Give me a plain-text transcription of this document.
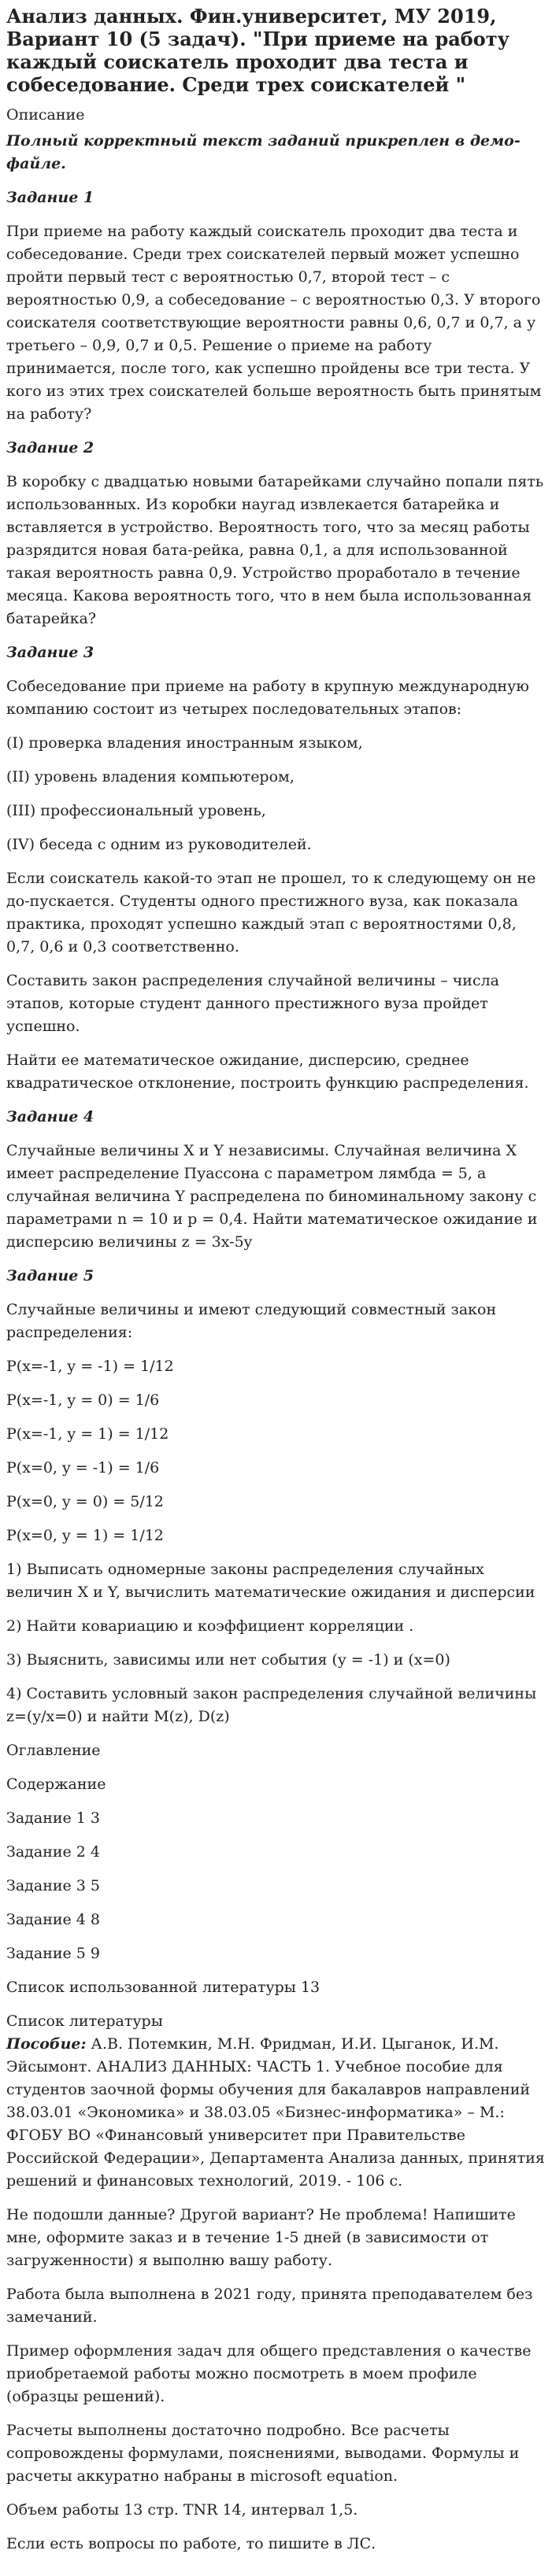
Анализ данных. Фин.университет, МУ 2019, Вариант 10 (5 задач). "При приеме на работу каждый соискатель проходит два теста и собеседование. Среди трех соискателей "
Описание
Полный корректный текст заданий прикреплен в демо-файле.
Задание 1

При приеме на работу каждый соискатель проходит два теста и собеседование. Среди трех соискателей первый может успешно пройти первый тест с вероятностью 0,7, второй тест – с вероятностью 0,9, а собеседование – с вероятностью 0,3. У второго соискателя соответствующие вероятности равны 0,6, 0,7 и 0,7, а у третьего – 0,9, 0,7 и 0,5. Решение о приеме на работу принимается, после того, как успешно пройдены все три теста. У кого из этих трех соискателей больше вероятность быть принятым на работу?

Задание 2

В коробку с двадцатью новыми батарейками случайно попали пять использованных. Из коробки наугад извлекается батарейка и вставляется в устройство. Вероятность того, что за месяц работы разрядится новая бата-рейка, равна 0,1, а для использованной такая вероятность равна 0,9. Устройство проработало в течение месяца. Какова вероятность того, что в нем была использованная батарейка?

Задание 3

Собеседование при приеме на работу в крупную международную компанию состоит из четырех последовательных этапов:

(I) проверка владения иностранным языком,

(II) уровень владения компьютером,

(III) профессиональный уровень,

(IV) беседа с одним из руководителей.

Если соискатель какой-то этап не прошел, то к следующему он не до-пускается. Студенты одного престижного вуза, как показала практика, проходят успешно каждый этап с вероятностями 0,8, 0,7, 0,6 и 0,3 соответственно.

Составить закон распределения случайной величины – числа этапов, которые студент данного престижного вуза пройдет успешно.

Найти ее математическое ожидание, дисперсию, среднее квадратическое отклонение, построить функцию распределения.

Задание 4

Случайные величины X и Y независимы. Случайная величина X имеет распределение Пуассона с параметром лямбда = 5, а случайная величина Y распределена по биноминальному закону с параметрами n = 10 и p = 0,4. Найти математическое ожидание и дисперсию величины z = 3x-5y

Задание 5

Случайные величины и имеют следующий совместный закон распределения:

P(x=-1, y = -1) = 1/12

P(x=-1, y = 0) = 1/6

P(x=-1, y = 1) = 1/12

P(x=0, y = -1) = 1/6

P(x=0, y = 0) = 5/12

P(x=0, y = 1) = 1/12

1) Выписать одномерные законы распределения случайных величин X и Y, вычислить математические ожидания и дисперсии

2) Найти ковариацию и коэффициент корреляции .

3) Выяснить, зависимы или нет события (y = -1) и (x=0)

4) Составить условный закон распределения случайной величины z=(y/x=0) и найти M(z), D(z)

Оглавление
Содержание
Задание 1 3
Задание 2 4
Задание 3 5
Задание 4 8
Задание 5 9
Список использованной литературы 13
Список литературы

Пособие: А.В. Потемкин, М.Н. Фридман, И.И. Цыганок, И.М. Эйсымонт. АНАЛИЗ ДАННЫХ: ЧАСТЬ 1. Учебное пособие для студентов заочной формы обучения для бакалавров направлений 38.03.01 «Экономика» и 38.03.05 «Бизнес-информатика» – М.: ФГОБУ ВО «Финансовый университет при Правительстве Российской Федерации», Департамента Анализа данных, принятия решений и финансовых технологий, 2019. - 106 с.

Не подошли данные? Другой вариант? Не проблема! Напишите мне, оформите заказ и в течение 1-5 дней (в зависимости от загруженности) я выполню вашу работу.

Работа была выполнена в 2021 году, принята преподавателем без замечаний.

Пример оформления задач для общего представления о качестве приобретаемой работы можно посмотреть в моем профиле (образцы решений).

Расчеты выполнены достаточно подробно. Все расчеты сопровождены формулами, пояснениями, выводами. Формулы и расчеты аккуратно набраны в microsoft equation.

Объем работы 13 стр. TNR 14, интервал 1,5.

Если есть вопросы по работе, то пишите в ЛС.
